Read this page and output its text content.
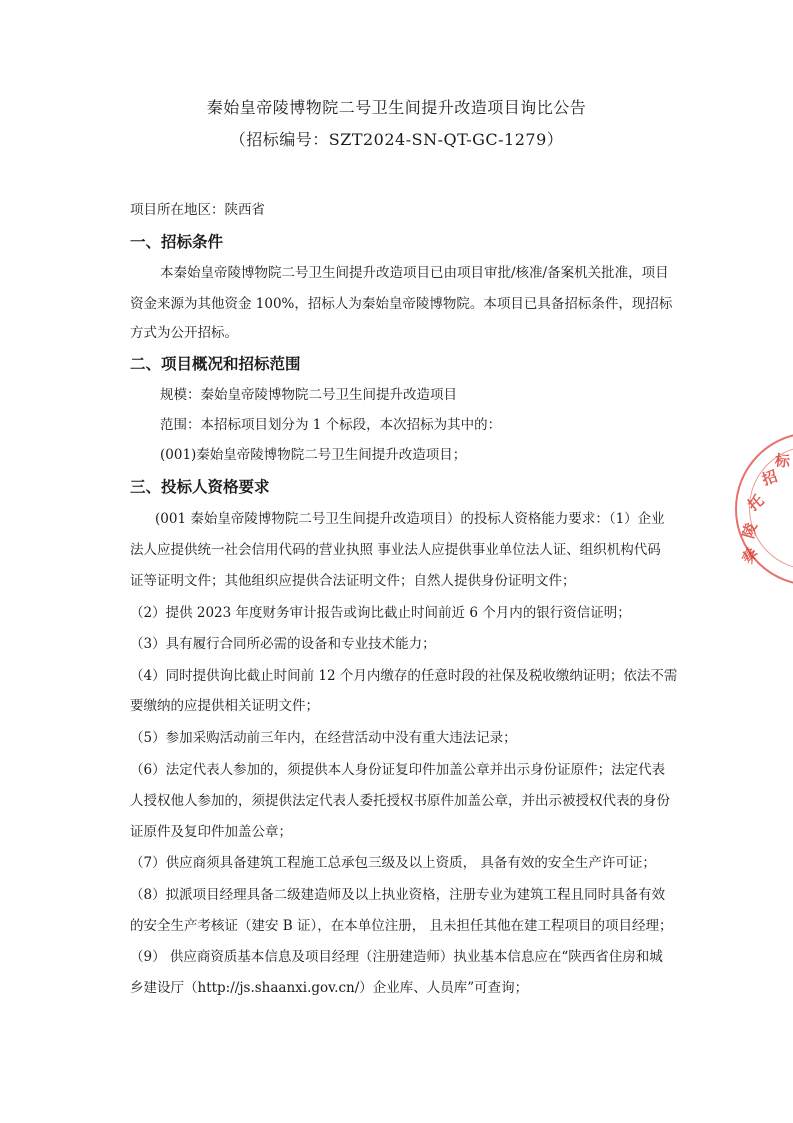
秦始皇帝陵博物院二号卫生间提升改造项目询比公告
（招标编号：SZT2024-SN-QT-GC-1279）
项目所在地区：陕西省
一、招标条件
本秦始皇帝陵博物院二号卫生间提升改造项目已由项目审批/核准/备案机关批准，项目
资金来源为其他资金 100%，招标人为秦始皇帝陵博物院。本项目已具备招标条件，现招标
方式为公开招标。
二、项目概况和招标范围
规模：秦始皇帝陵博物院二号卫生间提升改造项目
范围：本招标项目划分为 1 个标段，本次招标为其中的：
(001)秦始皇帝陵博物院二号卫生间提升改造项目；
三、投标人资格要求
(001 秦始皇帝陵博物院二号卫生间提升改造项目）的投标人资格能力要求：（1）企业
法人应提供统一社会信用代码的营业执照 事业法人应提供事业单位法人证、组织机构代码
证等证明文件；其他组织应提供合法证明文件；自然人提供身份证明文件；
（2）提供 2023 年度财务审计报告或询比截止时间前近 6 个月内的银行资信证明；
（3）具有履行合同所必需的设备和专业技术能力；
（4）同时提供询比截止时间前 12 个月内缴存的任意时段的社保及税收缴纳证明；依法不需
要缴纳的应提供相关证明文件；
（5）参加采购活动前三年内，在经营活动中没有重大违法记录；
（6）法定代表人参加的，须提供本人身份证复印件加盖公章并出示身份证原件；法定代表
人授权他人参加的，须提供法定代表人委托授权书原件加盖公章，并出示被授权代表的身份
证原件及复印件加盖公章；
（7）供应商须具备建筑工程施工总承包三级及以上资质， 具备有效的安全生产许可证；
（8）拟派项目经理具备二级建造师及以上执业资格，注册专业为建筑工程且同时具备有效
的安全生产考核证（建安 B 证），在本单位注册， 且未担任其他在建工程项目的项目经理；
（9） 供应商资质基本信息及项目经理（注册建造师）执业基本信息应在“陕西省住房和城
乡建设厅（http://js.shaanxi.gov.cn/）企业库、人员库”可查询；
秦
陵
托
招
标
